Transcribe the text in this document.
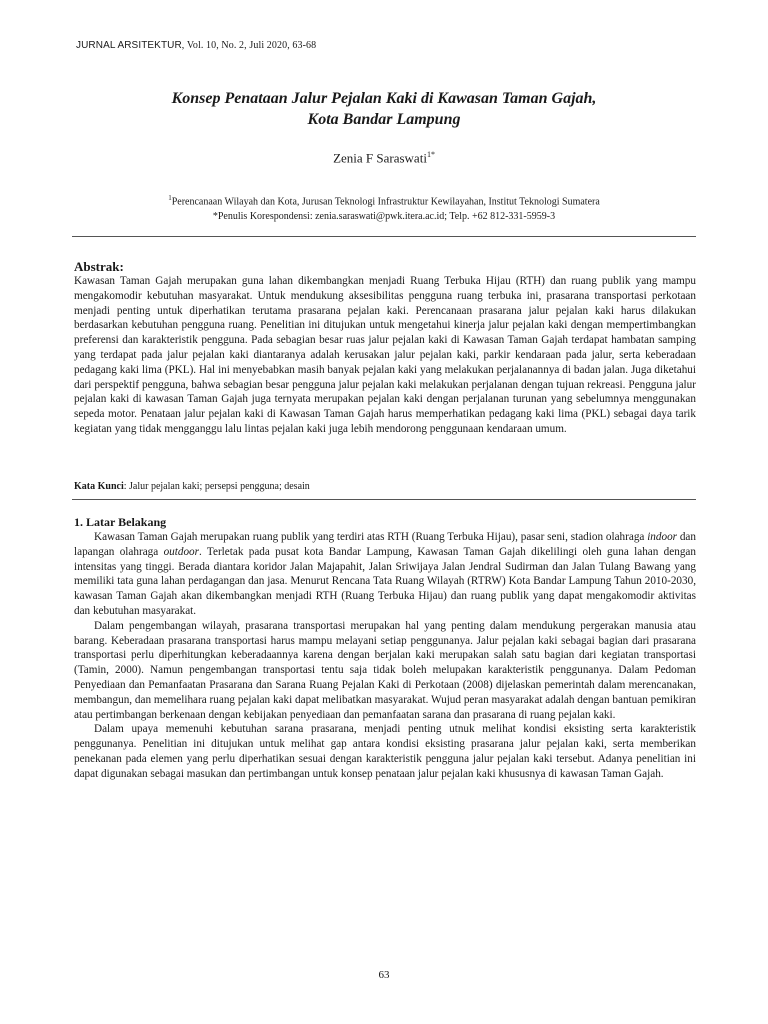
JURNAL ARSITEKTUR, Vol. 10, No. 2, Juli 2020, 63-68
Konsep Penataan Jalur Pejalan Kaki di Kawasan Taman Gajah,
Kota Bandar Lampung
Zenia F Saraswati$^{1*}$
$^1$Perencanaan Wilayah dan Kota, Jurusan Teknologi Infrastruktur Kewilayahan, Institut Teknologi Sumatera
*Penulis Korespondensi: zenia.saraswati@pwk.itera.ac.id; Telp. +62 812-331-5959-3
Abstrak:
Kawasan Taman Gajah merupakan guna lahan dikembangkan menjadi Ruang Terbuka Hijau (RTH) dan ruang publik yang mampu mengakomodir kebutuhan masyarakat. Untuk mendukung aksesibilitas pengguna ruang terbuka ini, prasarana transportasi perkotaan menjadi penting untuk diperhatikan terutama prasarana pejalan kaki. Perencanaan prasarana jalur pejalan kaki harus dilakukan berdasarkan kebutuhan pengguna ruang. Penelitian ini ditujukan untuk mengetahui kinerja jalur pejalan kaki dengan mempertimbangkan preferensi dan karakteristik pengguna. Pada sebagian besar ruas jalur pejalan kaki di Kawasan Taman Gajah terdapat hambatan samping yang terdapat pada jalur pejalan kaki diantaranya adalah kerusakan jalur pejalan kaki, parkir kendaraan pada jalur, serta keberadaan pedagang kaki lima (PKL). Hal ini menyebabkan masih banyak pejalan kaki yang melakukan perjalanannya di badan jalan. Juga diketahui dari perspektif pengguna, bahwa sebagian besar pengguna jalur pejalan kaki melakukan perjalanan dengan tujuan rekreasi. Pengguna jalur pejalan kaki di kawasan Taman Gajah juga ternyata merupakan pejalan kaki dengan perjalanan turunan yang sebelumnya menggunakan sepeda motor. Penataan jalur pejalan kaki di Kawasan Taman Gajah harus memperhatikan pedagang kaki lima (PKL) sebagai daya tarik kegiatan yang tidak mengganggu lalu lintas pejalan kaki juga lebih mendorong penggunaan kendaraan umum.
Kata Kunci: Jalur pejalan kaki; persepsi pengguna; desain
1. Latar Belakang

Kawasan Taman Gajah merupakan ruang publik yang terdiri atas RTH (Ruang Terbuka Hijau), pasar seni, stadion olahraga indoor dan lapangan olahraga outdoor. Terletak pada pusat kota Bandar Lampung, Kawasan Taman Gajah dikelilingi oleh guna lahan dengan intensitas yang tinggi. Berada diantara koridor Jalan Majapahit, Jalan Sriwijaya Jalan Jendral Sudirman dan Jalan Tulang Bawang yang memiliki tata guna lahan perdagangan dan jasa. Menurut Rencana Tata Ruang Wilayah (RTRW) Kota Bandar Lampung Tahun 2010-2030, kawasan Taman Gajah akan dikembangkan menjadi RTH (Ruang Terbuka Hijau) dan ruang publik yang dapat mengakomodir aktivitas dan kebutuhan masyarakat.

Dalam pengembangan wilayah, prasarana transportasi merupakan hal yang penting dalam mendukung pergerakan manusia atau barang. Keberadaan prasarana transportasi harus mampu melayani setiap penggunanya. Jalur pejalan kaki sebagai bagian dari prasarana transportasi perlu diperhitungkan keberadaannya karena dengan berjalan kaki merupakan salah satu bagian dari kegiatan transportasi (Tamin, 2000). Namun pengembangan transportasi tentu saja tidak boleh melupakan karakteristik penggunanya. Dalam Pedoman Penyediaan dan Pemanfaatan Prasarana dan Sarana Ruang Pejalan Kaki di Perkotaan (2008) dijelaskan pemerintah dalam merencanakan, membangun, dan memelihara ruang pejalan kaki dapat melibatkan masyarakat. Wujud peran masyarakat adalah dengan bantuan pemikiran atau pertimbangan berkenaan dengan kebijakan penyediaan dan pemanfaatan sarana dan prasarana di ruang pejalan kaki.

Dalam upaya memenuhi kebutuhan sarana prasarana, menjadi penting utnuk melihat kondisi eksisting serta karakteristik penggunanya. Penelitian ini ditujukan untuk melihat gap antara kondisi eksisting prasarana jalur pejalan kaki, serta memberikan penekanan pada elemen yang perlu diperhatikan sesuai dengan karakteristik pengguna jalur pejalan kaki tersebut. Adanya penelitian ini dapat digunakan sebagai masukan dan pertimbangan untuk konsep penataan jalur pejalan kaki khususnya di kawasan Taman Gajah.

63
